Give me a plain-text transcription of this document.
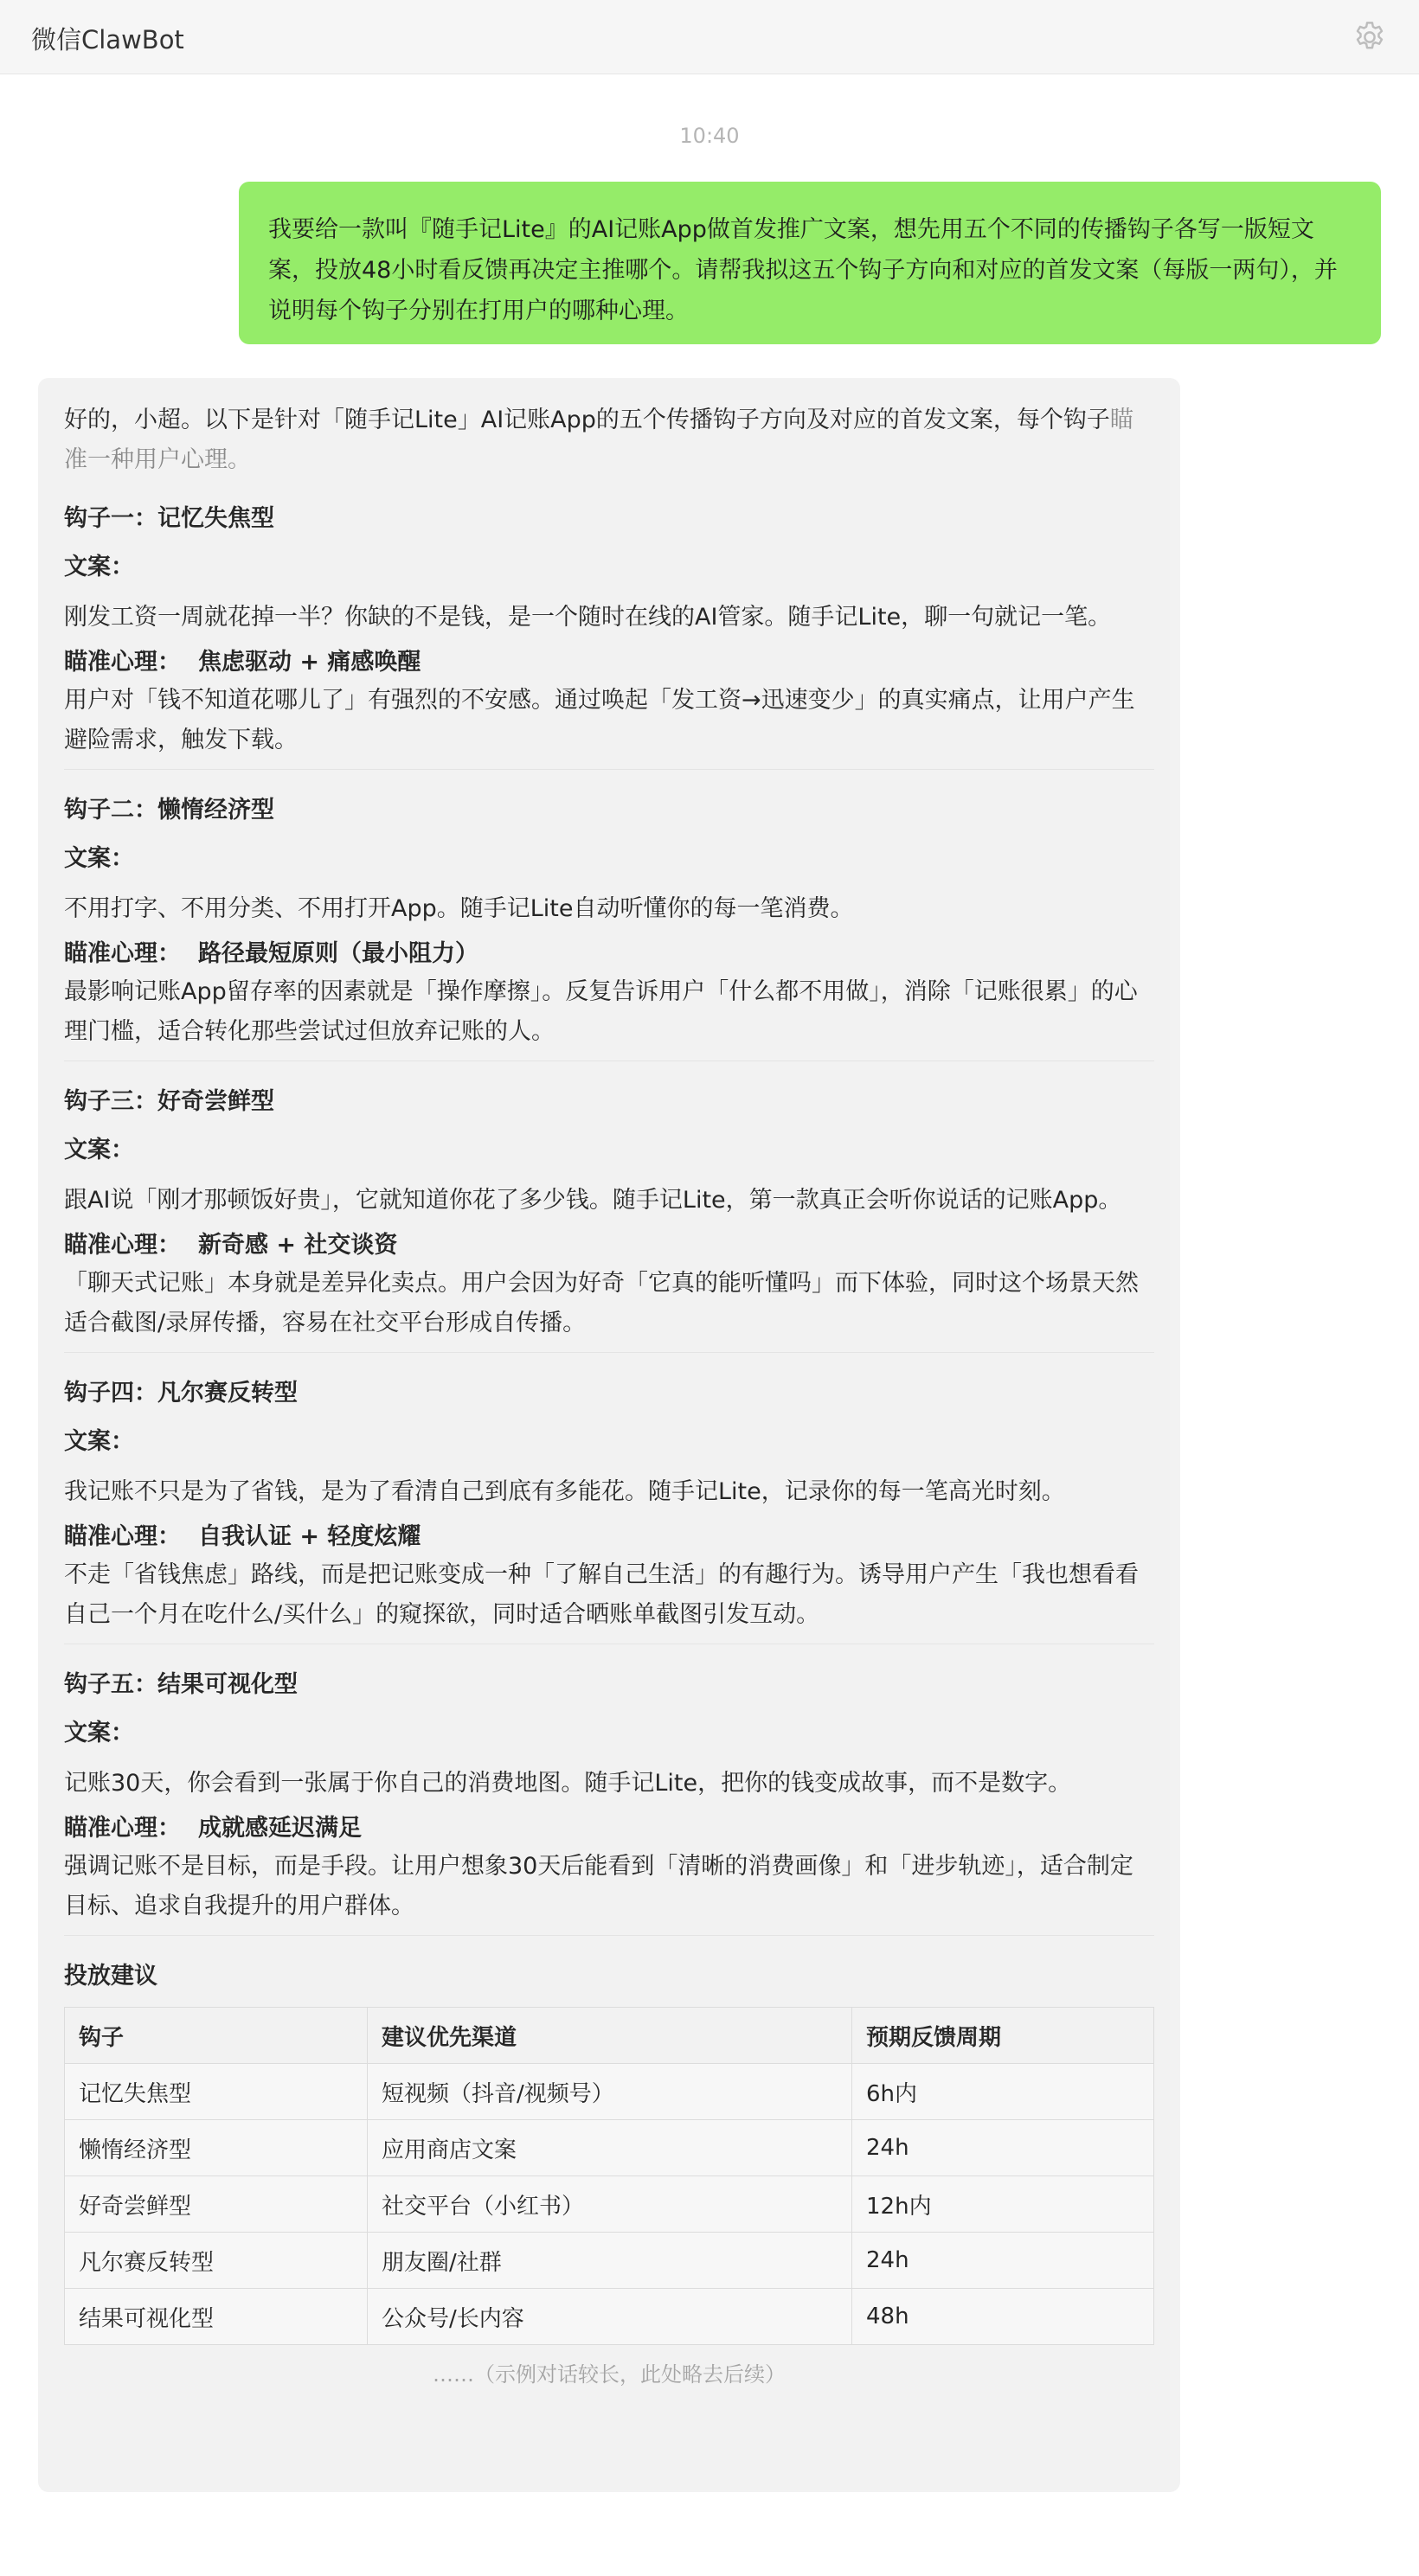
微信ClawBot
10:40
我要给一款叫『随手记Lite』的AI记账App做首发推广文案，想先用五个不同的传播钩子各写一版短文案，投放48小时看反馈再决定主推哪个。请帮我拟这五个钩子方向和对应的首发文案（每版一两句），并说明每个钩子分别在打用户的哪种心理。
好的，小超。以下是针对「随手记Lite」AI记账App的五个传播钩子方向及对应的首发文案，每个钩子瞄准一种用户心理。
钩子一：记忆失焦型
文案：
刚发工资一周就花掉一半？你缺的不是钱，是一个随时在线的AI管家。随手记Lite，聊一句就记一笔。
瞄准心理： 焦虑驱动 + 痛感唤醒
用户对「钱不知道花哪儿了」有强烈的不安感。通过唤起「发工资→迅速变少」的真实痛点，让用户产生避险需求，触发下载。
钩子二：懒惰经济型
文案：
不用打字、不用分类、不用打开App。随手记Lite自动听懂你的每一笔消费。
瞄准心理： 路径最短原则（最小阻力）
最影响记账App留存率的因素就是「操作摩擦」。反复告诉用户「什么都不用做」，消除「记账很累」的心理门槛，适合转化那些尝试过但放弃记账的人。
钩子三：好奇尝鲜型
文案：
跟AI说「刚才那顿饭好贵」，它就知道你花了多少钱。随手记Lite，第一款真正会听你说话的记账App。
瞄准心理： 新奇感 + 社交谈资
「聊天式记账」本身就是差异化卖点。用户会因为好奇「它真的能听懂吗」而下体验，同时这个场景天然适合截图/录屏传播，容易在社交平台形成自传播。
钩子四：凡尔赛反转型
文案：
我记账不只是为了省钱，是为了看清自己到底有多能花。随手记Lite，记录你的每一笔高光时刻。
瞄准心理： 自我认证 + 轻度炫耀
不走「省钱焦虑」路线，而是把记账变成一种「了解自己生活」的有趣行为。诱导用户产生「我也想看看自己一个月在吃什么/买什么」的窥探欲，同时适合晒账单截图引发互动。
钩子五：结果可视化型
文案：
记账30天，你会看到一张属于你自己的消费地图。随手记Lite，把你的钱变成故事，而不是数字。
瞄准心理： 成就感延迟满足
强调记账不是目标，而是手段。让用户想象30天后能看到「清晰的消费画像」和「进步轨迹」，适合制定目标、追求自我提升的用户群体。
投放建议
钩子	建议优先渠道	预期反馈周期
记忆失焦型	短视频（抖音/视频号）	6h内
懒惰经济型	应用商店文案	24h
好奇尝鲜型	社交平台（小红书）	12h内
凡尔赛反转型	朋友圈/社群	24h
结果可视化型	公众号/长内容	48h
……（示例对话较长，此处略去后续）
